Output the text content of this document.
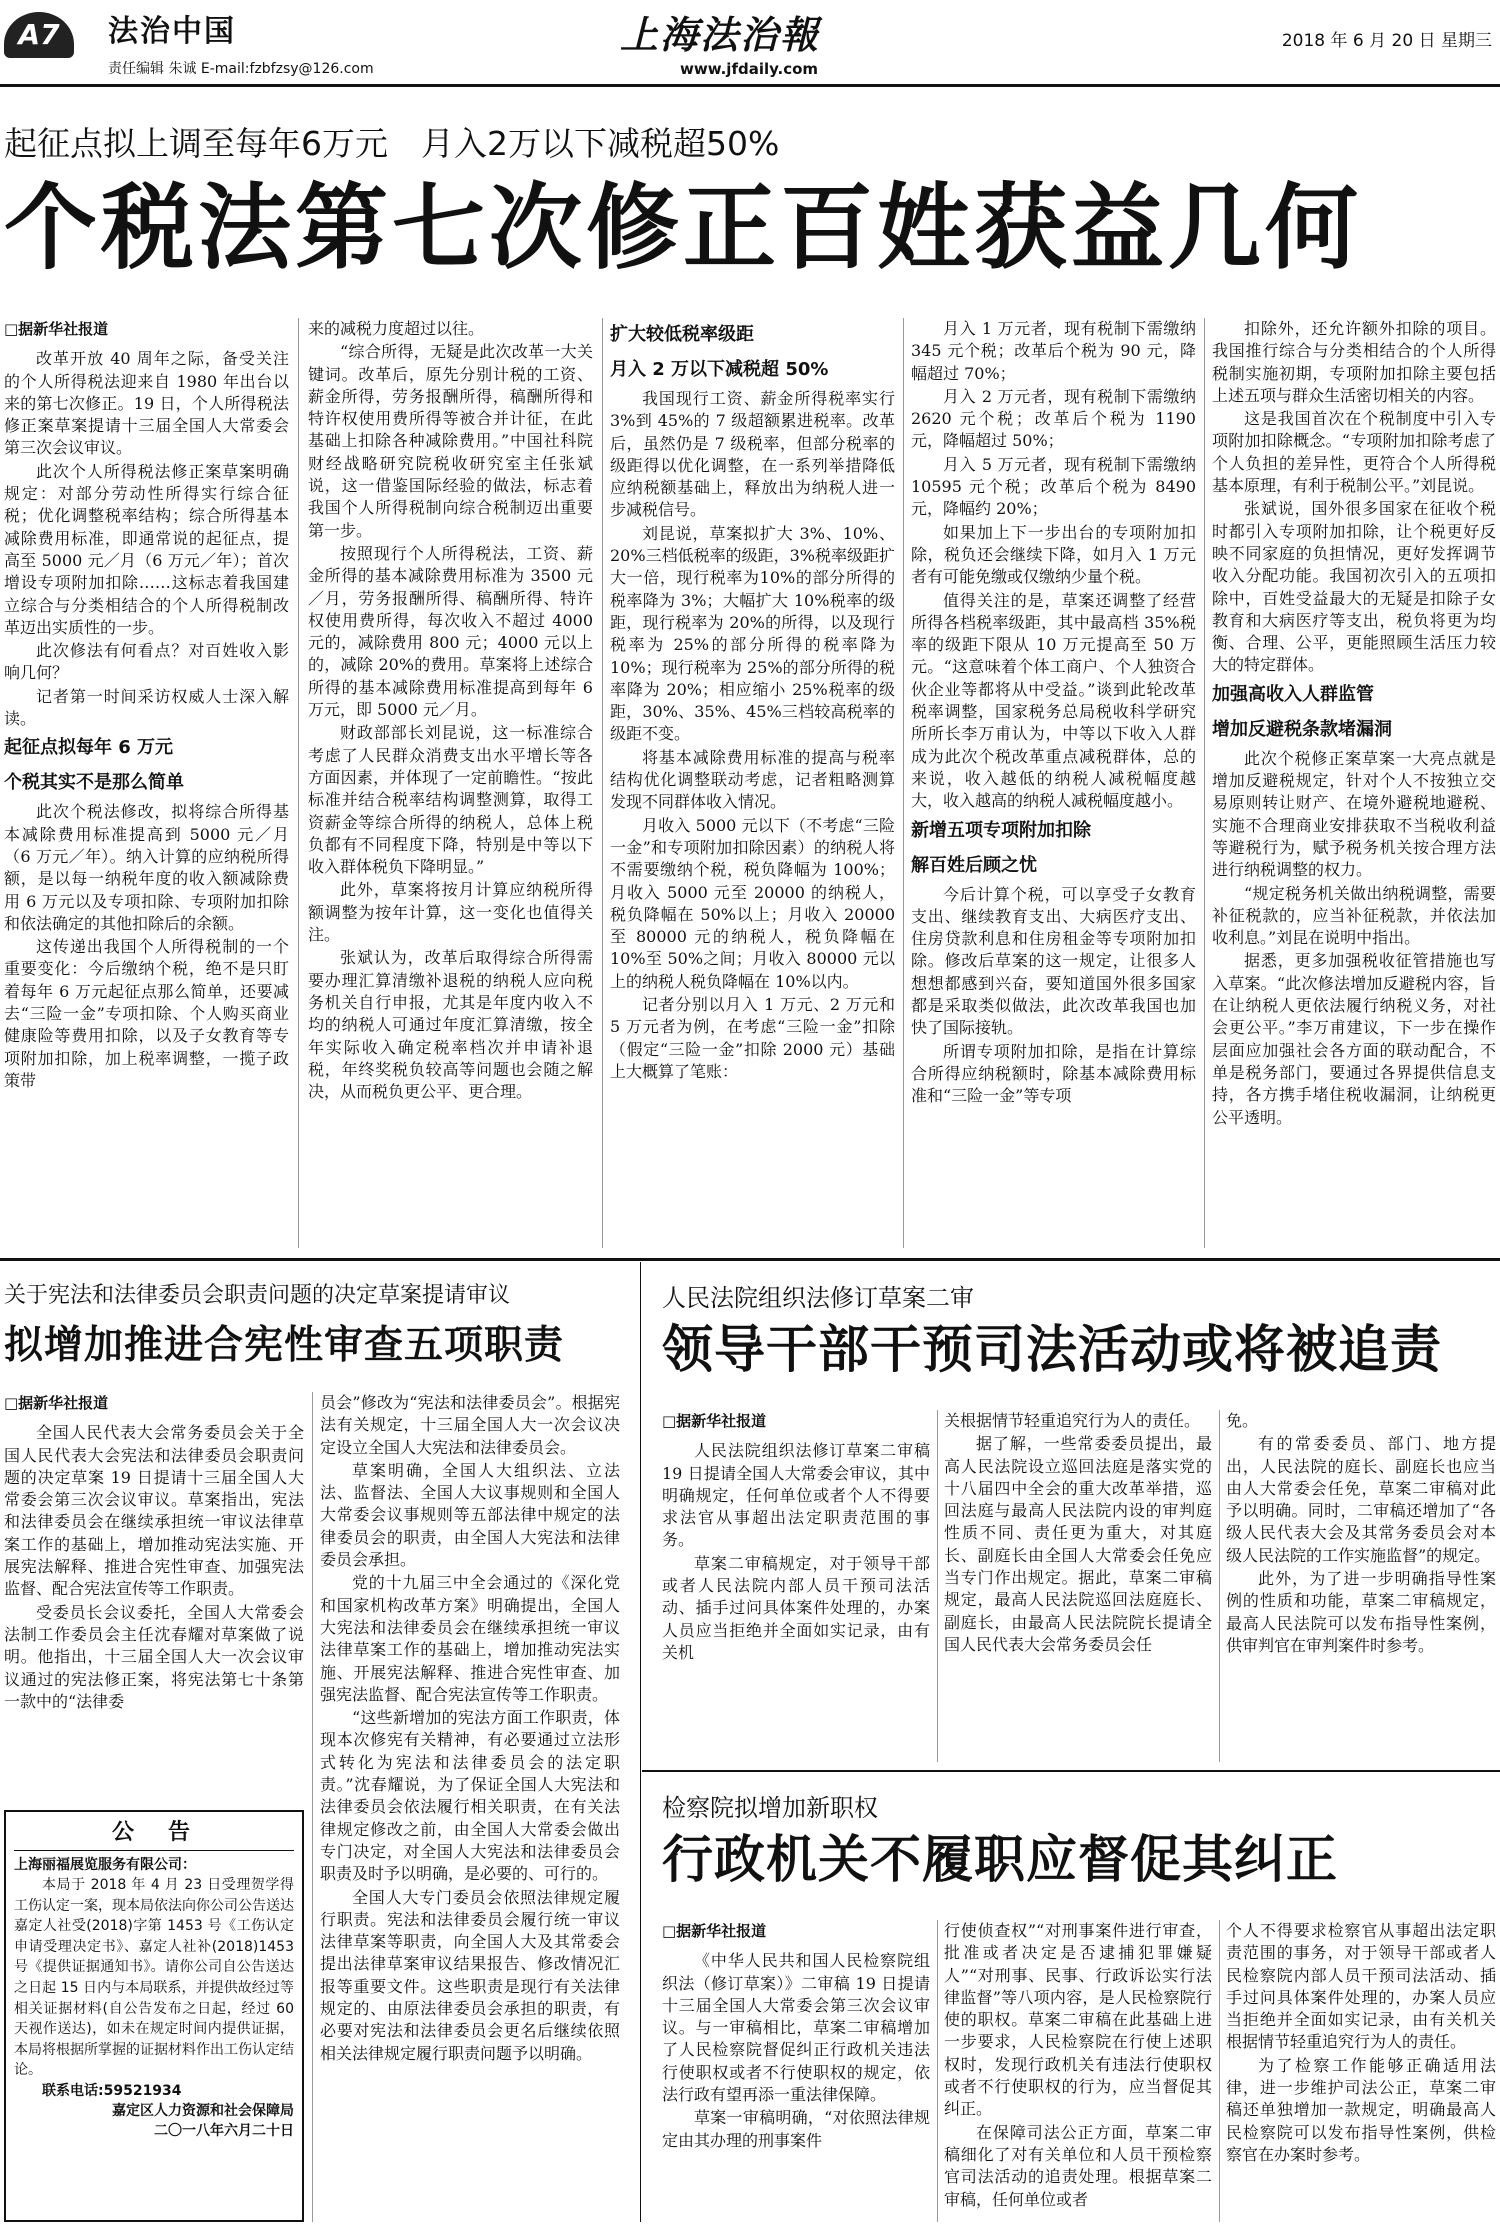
A7	法治中国
责任编辑 朱诚 E-mail:fzbfzsy@126.com
上海法治報
www.jfdaily.com
2018 年 6 月 20 日 星期三
起征点拟上调至每年6万元　月入2万以下减税超50%
个税法第七次修正百姓获益几何

□据新华社报道

改革开放 40 周年之际，备受关注的个人所得税法迎来自 1980 年出台以来的第七次修正。19 日，个人所得税法修正案草案提请十三届全国人大常委会第三次会议审议。

此次个人所得税法修正案草案明确规定：对部分劳动性所得实行综合征税；优化调整税率结构；综合所得基本减除费用标准，即通常说的起征点，提高至 5000 元／月（6 万元／年）；首次增设专项附加扣除……这标志着我国建立综合与分类相结合的个人所得税制改革迈出实质性的一步。

此次修法有何看点？对百姓收入影响几何？

记者第一时间采访权威人士深入解读。

起征点拟每年 6 万元

个税其实不是那么简单

此次个税法修改，拟将综合所得基本减除费用标准提高到 5000 元／月（6 万元／年）。纳入计算的应纳税所得额，是以每一纳税年度的收入额减除费用 6 万元以及专项扣除、专项附加扣除和依法确定的其他扣除后的余额。

这传递出我国个人所得税制的一个重要变化：今后缴纳个税，绝不是只盯着每年 6 万元起征点那么简单，还要减去“三险一金”专项扣除、个人购买商业健康险等费用扣除，以及子女教育等专项附加扣除，加上税率调整，一揽子政策带

来的减税力度超过以往。

“综合所得，无疑是此次改革一大关键词。改革后，原先分别计税的工资、薪金所得，劳务报酬所得，稿酬所得和特许权使用费所得等被合并计征，在此基础上扣除各种减除费用。”中国社科院财经战略研究院税收研究室主任张斌说，这一借鉴国际经验的做法，标志着我国个人所得税制向综合税制迈出重要第一步。

按照现行个人所得税法，工资、薪金所得的基本减除费用标准为 3500 元／月，劳务报酬所得、稿酬所得、特许权使用费所得，每次收入不超过 4000 元的，减除费用 800 元；4000 元以上的，减除 20%的费用。草案将上述综合所得的基本减除费用标准提高到每年 6 万元，即 5000 元／月。

财政部部长刘昆说，这一标准综合考虑了人民群众消费支出水平增长等各方面因素，并体现了一定前瞻性。“按此标准并结合税率结构调整测算，取得工资薪金等综合所得的纳税人，总体上税负都有不同程度下降，特别是中等以下收入群体税负下降明显。”

此外，草案将按月计算应纳税所得额调整为按年计算，这一变化也值得关注。

张斌认为，改革后取得综合所得需要办理汇算清缴补退税的纳税人应向税务机关自行申报，尤其是年度内收入不均的纳税人可通过年度汇算清缴，按全年实际收入确定税率档次并申请补退税，年终奖税负较高等问题也会随之解决，从而税负更公平、更合理。

扩大较低税率级距

月入 2 万以下减税超 50%

我国现行工资、薪金所得税率实行 3%到 45%的 7 级超额累进税率。改革后，虽然仍是 7 级税率，但部分税率的级距得以优化调整，在一系列举措降低应纳税额基础上，释放出为纳税人进一步减税信号。

刘昆说，草案拟扩大 3%、10%、20%三档低税率的级距，3%税率级距扩大一倍，现行税率为10%的部分所得的税率降为 3%；大幅扩大 10%税率的级距，现行税率为 20%的所得，以及现行税率为 25%的部分所得的税率降为 10%；现行税率为 25%的部分所得的税率降为 20%；相应缩小 25%税率的级距，30%、35%、45%三档较高税率的级距不变。

将基本减除费用标准的提高与税率结构优化调整联动考虑，记者粗略测算发现不同群体收入情况。

月收入 5000 元以下（不考虑“三险一金”和专项附加扣除因素）的纳税人将不需要缴纳个税，税负降幅为 100%；月收入 5000 元至 20000 的纳税人，税负降幅在 50%以上；月收入 20000 至 80000 元的纳税人，税负降幅在 10%至 50%之间；月收入 80000 元以上的纳税人税负降幅在 10%以内。

记者分别以月入 1 万元、2 万元和 5 万元者为例，在考虑“三险一金”扣除（假定“三险一金”扣除 2000 元）基础上大概算了笔账：

月入 1 万元者，现有税制下需缴纳 345 元个税；改革后个税为 90 元，降幅超过 70%；

月入 2 万元者，现有税制下需缴纳 2620 元个税；改革后个税为 1190 元，降幅超过 50%；

月入 5 万元者，现有税制下需缴纳 10595 元个税；改革后个税为 8490 元，降幅约 20%；

如果加上下一步出台的专项附加扣除，税负还会继续下降，如月入 1 万元者有可能免缴或仅缴纳少量个税。

值得关注的是，草案还调整了经营所得各档税率级距，其中最高档 35%税率的级距下限从 10 万元提高至 50 万元。“这意味着个体工商户、个人独资合伙企业等都将从中受益。”谈到此轮改革税率调整，国家税务总局税收科学研究所所长李万甫认为，中等以下收入人群成为此次个税改革重点减税群体，总的来说，收入越低的纳税人减税幅度越大，收入越高的纳税人减税幅度越小。

新增五项专项附加扣除

解百姓后顾之忧

今后计算个税，可以享受子女教育支出、继续教育支出、大病医疗支出、住房贷款利息和住房租金等专项附加扣除。修改后草案的这一规定，让很多人想想都感到兴奋，要知道国外很多国家都是采取类似做法，此次改革我国也加快了国际接轨。

所谓专项附加扣除，是指在计算综合所得应纳税额时，除基本减除费用标准和“三险一金”等专项

扣除外，还允许额外扣除的项目。我国推行综合与分类相结合的个人所得税制实施初期，专项附加扣除主要包括上述五项与群众生活密切相关的内容。

这是我国首次在个税制度中引入专项附加扣除概念。“专项附加扣除考虑了个人负担的差异性，更符合个人所得税基本原理，有利于税制公平。”刘昆说。

张斌说，国外很多国家在征收个税时都引入专项附加扣除，让个税更好反映不同家庭的负担情况，更好发挥调节收入分配功能。我国初次引入的五项扣除中，百姓受益最大的无疑是扣除子女教育和大病医疗等支出，税负将更为均衡、合理、公平，更能照顾生活压力较大的特定群体。

加强高收入人群监管

增加反避税条款堵漏洞

此次个税修正案草案一大亮点就是增加反避税规定，针对个人不按独立交易原则转让财产、在境外避税地避税、实施不合理商业安排获取不当税收利益等避税行为，赋予税务机关按合理方法进行纳税调整的权力。

“规定税务机关做出纳税调整，需要补征税款的，应当补征税款，并依法加收利息。”刘昆在说明中指出。

据悉，更多加强税收征管措施也写入草案。“此次修法增加反避税内容，旨在让纳税人更依法履行纳税义务，对社会更公平。”李万甫建议，下一步在操作层面应加强社会各方面的联动配合，不单是税务部门，要通过各界提供信息支持，各方携手堵住税收漏洞，让纳税更公平透明。

关于宪法和法律委员会职责问题的决定草案提请审议
拟增加推进合宪性审查五项职责

□据新华社报道

全国人民代表大会常务委员会关于全国人民代表大会宪法和法律委员会职责问题的决定草案 19 日提请十三届全国人大常委会第三次会议审议。草案指出，宪法和法律委员会在继续承担统一审议法律草案工作的基础上，增加推动宪法实施、开展宪法解释、推进合宪性审查、加强宪法监督、配合宪法宣传等工作职责。

受委员长会议委托，全国人大常委会法制工作委员会主任沈春耀对草案做了说明。他指出，十三届全国人大一次会议审议通过的宪法修正案，将宪法第七十条第一款中的“法律委

员会”修改为“宪法和法律委员会”。根据宪法有关规定，十三届全国人大一次会议决定设立全国人大宪法和法律委员会。

草案明确，全国人大组织法、立法法、监督法、全国人大议事规则和全国人大常委会议事规则等五部法律中规定的法律委员会的职责，由全国人大宪法和法律委员会承担。

党的十九届三中全会通过的《深化党和国家机构改革方案》明确提出，全国人大宪法和法律委员会在继续承担统一审议法律草案工作的基础上，增加推动宪法实施、开展宪法解释、推进合宪性审查、加强宪法监督、配合宪法宣传等工作职责。

“这些新增加的宪法方面工作职责，体现本次修宪有关精神，有必要通过立法形式转化为宪法和法律委员会的法定职责。”沈春耀说，为了保证全国人大宪法和法律委员会依法履行相关职责，在有关法律规定修改之前，由全国人大常委会做出专门决定，对全国人大宪法和法律委员会职责及时予以明确，是必要的、可行的。

全国人大专门委员会依照法律规定履行职责。宪法和法律委员会履行统一审议法律草案等职责，向全国人大及其常委会提出法律草案审议结果报告、修改情况汇报等重要文件。这些职责是现行有关法律规定的、由原法律委员会承担的职责，有必要对宪法和法律委员会更名后继续依照相关法律规定履行职责问题予以明确。

公　告
上海丽福展览服务有限公司：
本局于 2018 年 4 月 23 日受理贺学得工伤认定一案，现本局依法向你公司公告送达嘉定人社受(2018)字第 1453 号《工伤认定申请受理决定书》、嘉定人社补(2018)1453 号《提供证据通知书》。请你公司自公告送达之日起 15 日内与本局联系，并提供故经过等相关证据材料(自公告发布之日起，经过 60 天视作送达)，如未在规定时间内提供证据，本局将根据所掌握的证据材料作出工伤认定结论。
联系电话:59521934
嘉定区人力资源和社会保障局
二〇一八年六月二十日
人民法院组织法修订草案二审
领导干部干预司法活动或将被追责

□据新华社报道

人民法院组织法修订草案二审稿 19 日提请全国人大常委会审议，其中明确规定，任何单位或者个人不得要求法官从事超出法定职责范围的事务。

草案二审稿规定，对于领导干部或者人民法院内部人员干预司法活动、插手过问具体案件处理的，办案人员应当拒绝并全面如实记录，由有关机

关根据情节轻重追究行为人的责任。

据了解，一些常委委员提出，最高人民法院设立巡回法庭是落实党的十八届四中全会的重大改革举措，巡回法庭与最高人民法院内设的审判庭性质不同、责任更为重大，对其庭长、副庭长由全国人大常委会任免应当专门作出规定。据此，草案二审稿规定，最高人民法院巡回法庭庭长、副庭长，由最高人民法院院长提请全国人民代表大会常务委员会任

免。

有的常委委员、部门、地方提出，人民法院的庭长、副庭长也应当由人大常委会任免，草案二审稿对此予以明确。同时，二审稿还增加了“各级人民代表大会及其常务委员会对本级人民法院的工作实施监督”的规定。

此外，为了进一步明确指导性案例的性质和功能，草案二审稿规定，最高人民法院可以发布指导性案例，供审判官在审判案件时参考。

检察院拟增加新职权
行政机关不履职应督促其纠正

□据新华社报道

《中华人民共和国人民检察院组织法（修订草案）》二审稿 19 日提请十三届全国人大常委会第三次会议审议。与一审稿相比，草案二审稿增加了人民检察院督促纠正行政机关违法行使职权或者不行使职权的规定，依法行政有望再添一重法律保障。

草案一审稿明确，“对依照法律规定由其办理的刑事案件

行使侦查权”“对刑事案件进行审查，批准或者决定是否逮捕犯罪嫌疑人”“对刑事、民事、行政诉讼实行法律监督”等八项内容，是人民检察院行使的职权。草案二审稿在此基础上进一步要求，人民检察院在行使上述职权时，发现行政机关有违法行使职权或者不行使职权的行为，应当督促其纠正。

在保障司法公正方面，草案二审稿细化了对有关单位和人员干预检察官司法活动的追责处理。根据草案二审稿，任何单位或者

个人不得要求检察官从事超出法定职责范围的事务，对于领导干部或者人民检察院内部人员干预司法活动、插手过问具体案件处理的，办案人员应当拒绝并全面如实记录，由有关机关根据情节轻重追究行为人的责任。

为了检察工作能够正确适用法律，进一步维护司法公正，草案二审稿还单独增加一款规定，明确最高人民检察院可以发布指导性案例，供检察官在办案时参考。
